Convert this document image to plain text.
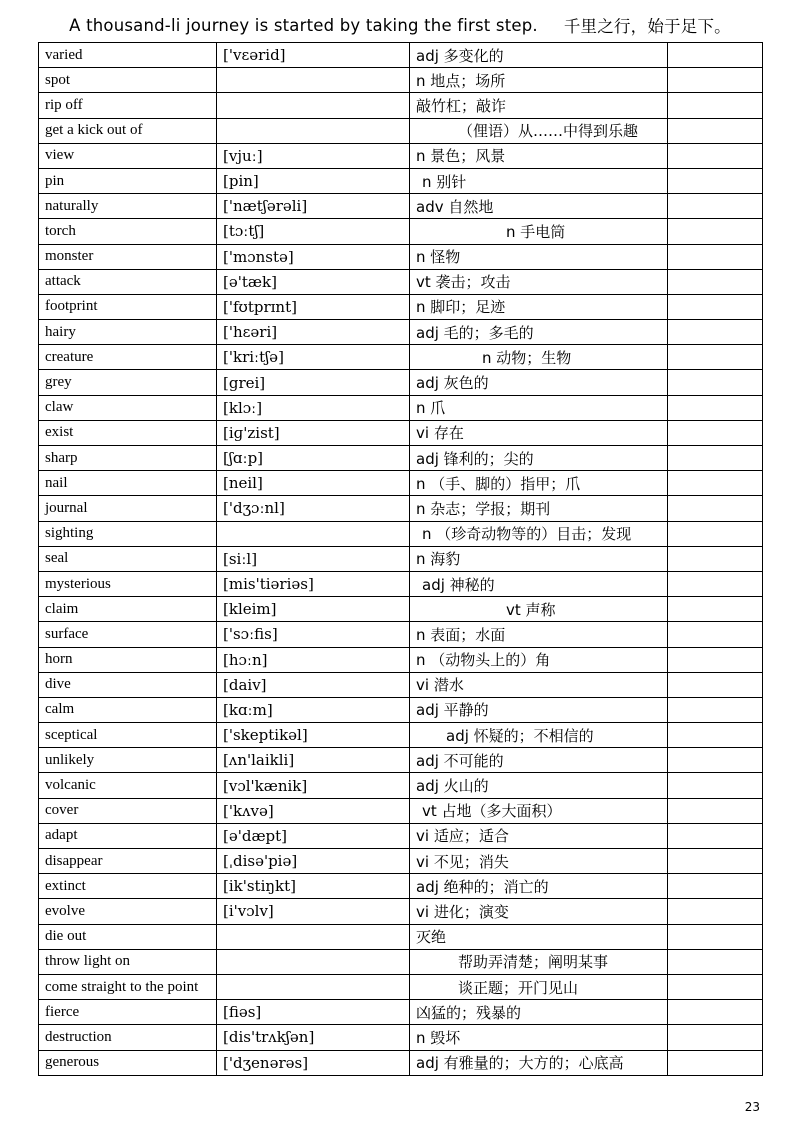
A thousand-li journey is started by taking the first step. 千里之行，始于足下。
varied	['vɛərid]	adj 多变化的	
spot		n 地点；场所	
rip off		敲竹杠；敲诈	
get a kick out of		（俚语）从……中得到乐趣	
view	[vjuː]	n 景色；风景	
pin	[pin]	n 别针	
naturally	['nætʃərəli]	adv 自然地	
torch	[tɔːtʃ]	n 手电筒	
monster	['mɔnstə]	n 怪物	
attack	[ə'tæk]	vt 袭击；攻击	
footprint	['fʊtprɪnt]	n 脚印；足迹	
hairy	['hɛəri]	adj 毛的；多毛的	
creature	['kriːtʃə]	n 动物；生物	
grey	[grei]	adj 灰色的	
claw	[klɔː]	n 爪	
exist	[iɡ'zist]	vi 存在	
sharp	[ʃɑːp]	adj 锋利的；尖的	
nail	[neil]	n （手、脚的）指甲；爪	
journal	['dʒɔːnl]	n 杂志；学报；期刊	
sighting		n （珍奇动物等的）目击；发现	
seal	[siːl]	n 海豹	
mysterious	[mis'tiəriəs]	adj 神秘的	
claim	[kleim]	vt 声称	
surface	['sɔːfis]	n 表面；水面	
horn	[hɔːn]	n （动物头上的）角	
dive	[daiv]	vi 潜水	
calm	[kɑːm]	adj 平静的	
sceptical	['skeptikəl]	adj 怀疑的；不相信的	
unlikely	[ʌn'laikli]	adj 不可能的	
volcanic	[vɔl'kænik]	adj 火山的	
cover	['kʌvə]	vt 占地（多大面积）	
adapt	[ə'dæpt]	vi 适应；适合	
disappear	[ˌdisə'piə]	vi 不见；消失	
extinct	[ik'stiŋkt]	adj 绝种的；消亡的	
evolve	[i'vɔlv]	vi 进化；演变	
die out		灭绝	
throw light on		帮助弄清楚；阐明某事	
come straight to the point		谈正题；开门见山	
fierce	[fiəs]	凶猛的；残暴的	
destruction	[dis'trʌkʃən]	n 毁坏	
generous	['dʒenərəs]	adj 有雅量的；大方的；心底高	
23
